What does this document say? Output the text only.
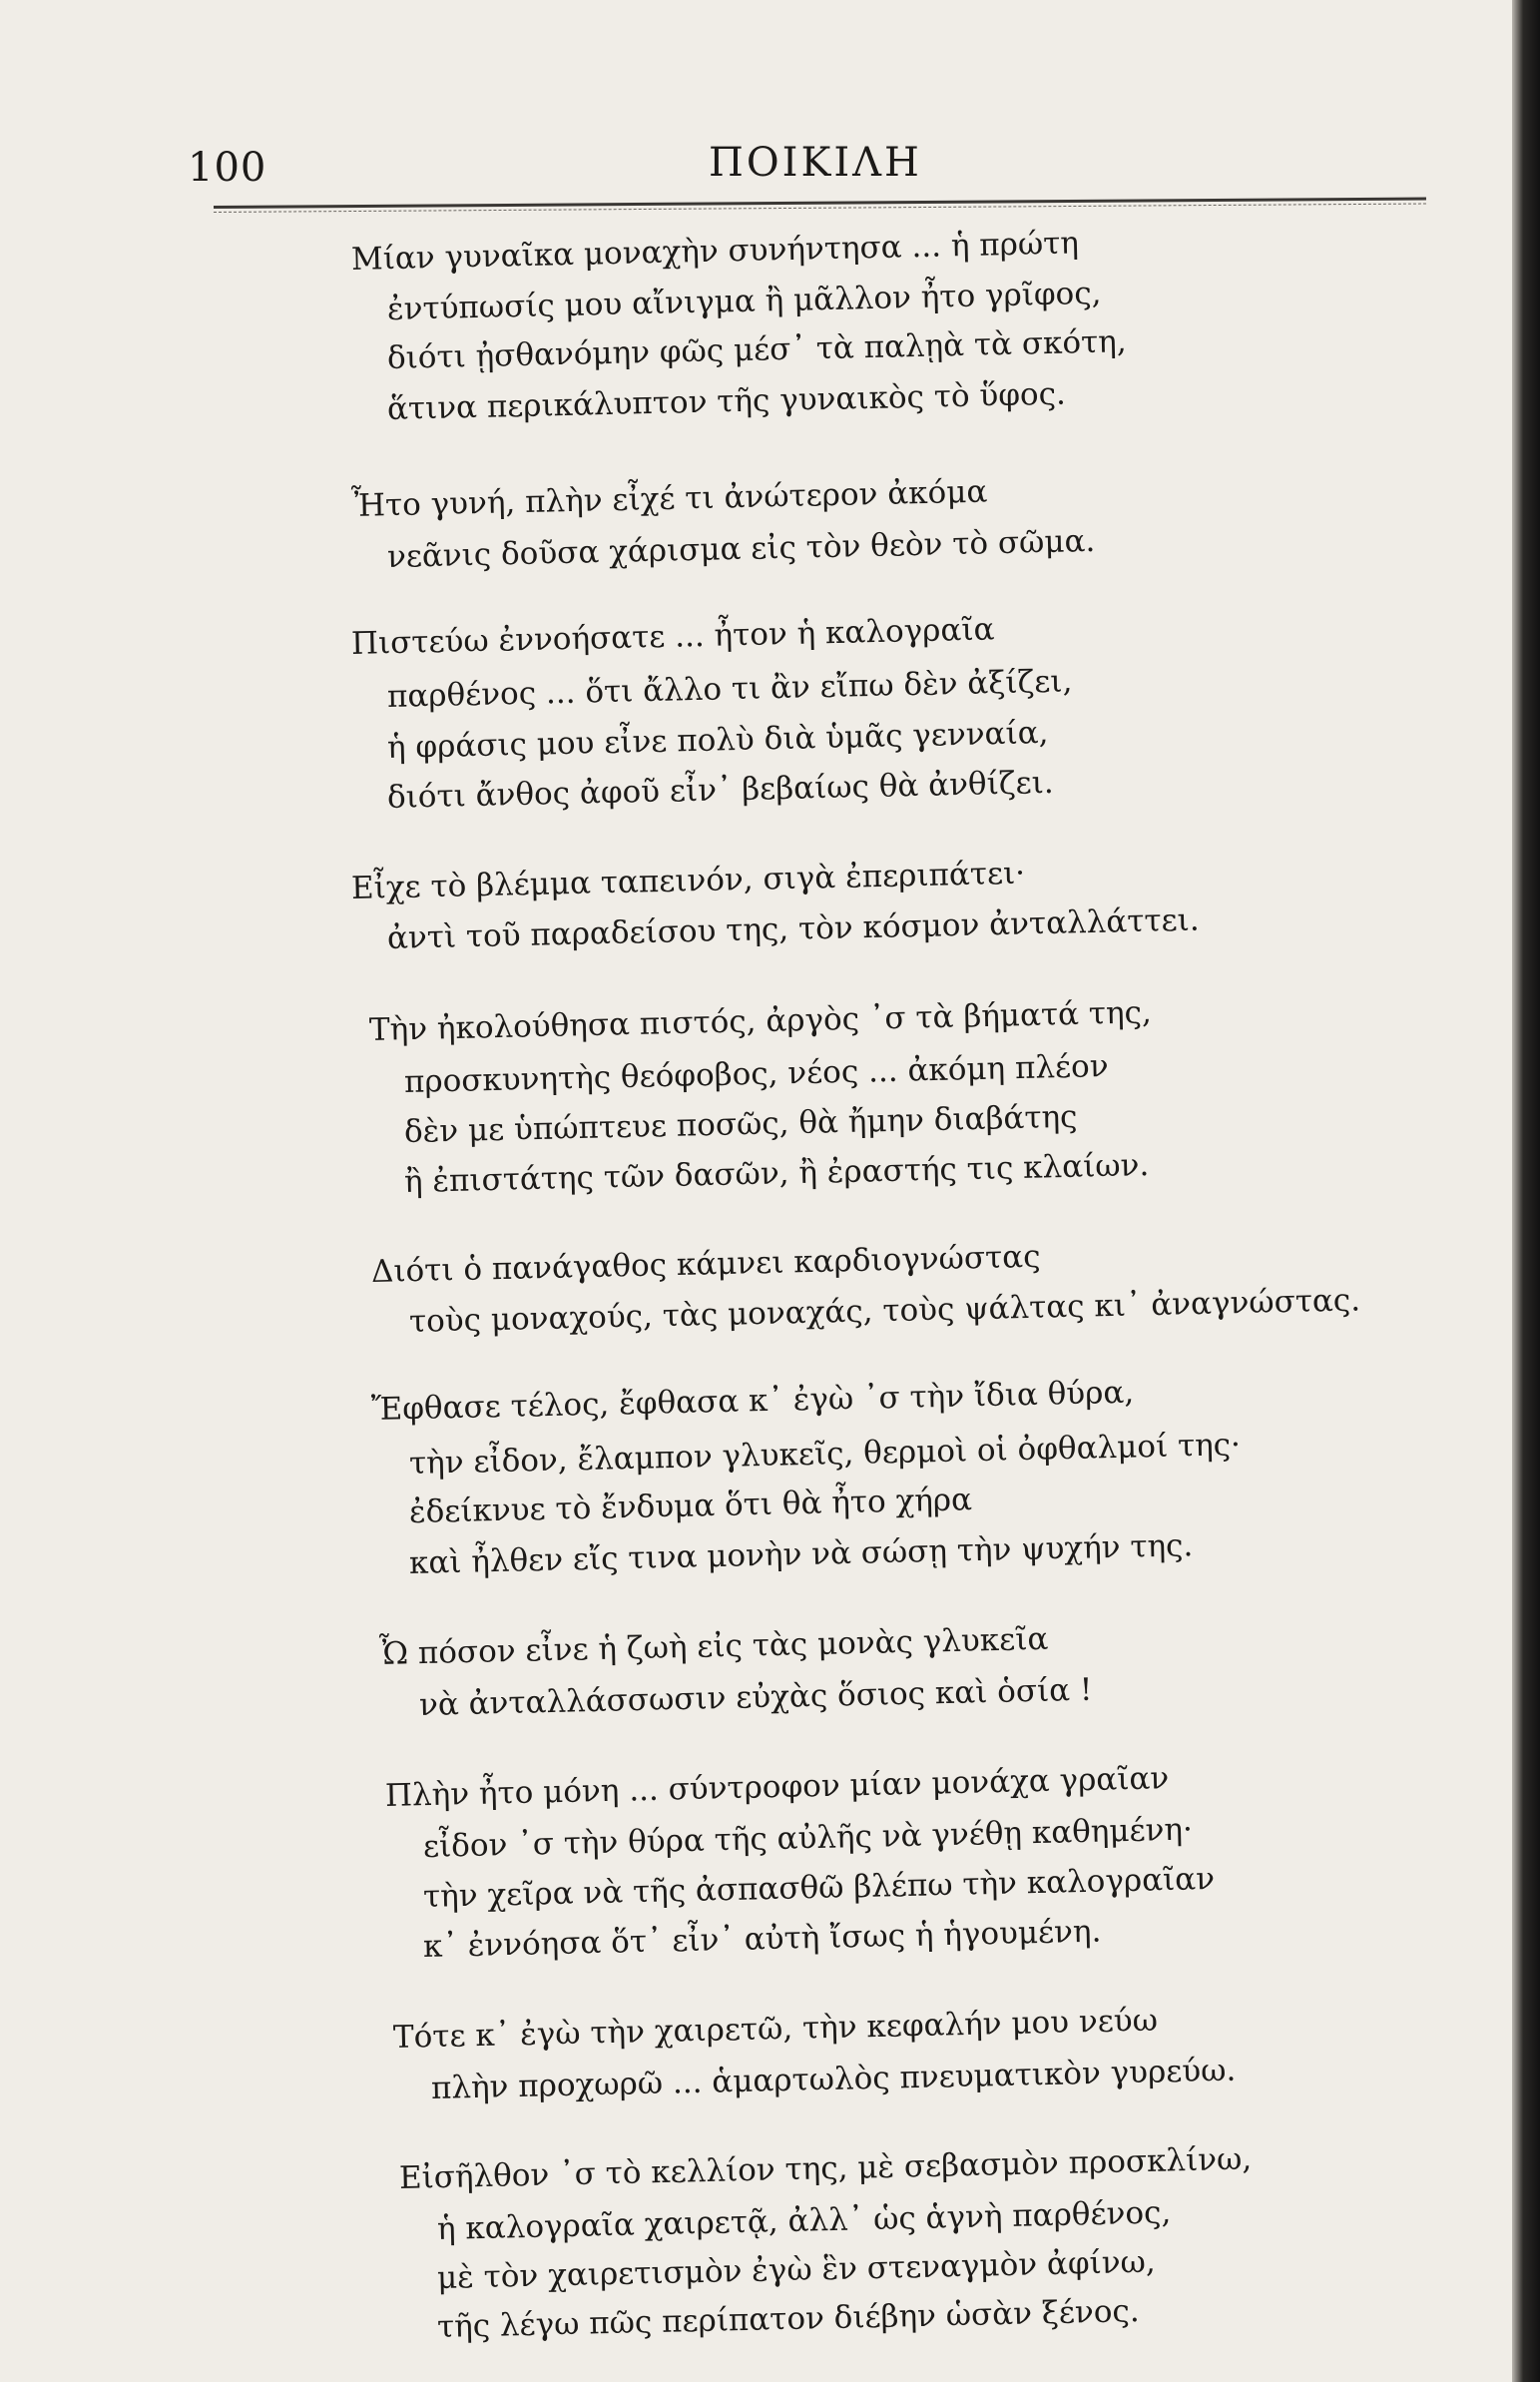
100	ΠΟΙΚΙΛΗ
Μίαν γυναῖκα μοναχὴν συνήντησα ... ἡ πρώτη
ἐντύπωσίς μου αἴνιγμα ἢ μᾶλλον ἦτο γρῖφος,
διότι ᾐσθανόμην φῶς μέσ᾽ τὰ παλῃὰ τὰ σκότη,
ἅτινα περικάλυπτον τῆς γυναικὸς τὸ ὕφος.
Ἦτο γυνή, πλὴν εἶχέ τι ἀνώτερον ἀκόμα
νεᾶνις δοῦσα χάρισμα εἰς τὸν θεὸν τὸ σῶμα.
Πιστεύω ἐννοήσατε ... ἦτον ἡ καλογραῖα
παρθένος ... ὅτι ἄλλο τι ἂν εἴπω δὲν ἀξίζει,
ἡ φράσις μου εἶνε πολὺ διὰ ὑμᾶς γενναία,
διότι ἄνθος ἀφοῦ εἶν᾽ βεβαίως θὰ ἀνθίζει.
Εἶχε τὸ βλέμμα ταπεινόν, σιγὰ ἐπεριπάτει·
ἀντὶ τοῦ παραδείσου της, τὸν κόσμον ἀνταλλάττει.
Τὴν ἠκολούθησα πιστός, ἀργὸς ᾽σ τὰ βήματά της,
προσκυνητὴς θεόφοβος, νέος ... ἀκόμη πλέον
δὲν με ὑπώπτευε ποσῶς, θὰ ἤμην διαβάτης
ἢ ἐπιστάτης τῶν δασῶν, ἢ ἐραστής τις κλαίων.
Διότι ὁ πανάγαθος κάμνει καρδιογνώστας
τοὺς μοναχούς, τὰς μοναχάς, τοὺς ψάλτας κι᾽ ἀναγνώστας.
Ἔφθασε τέλος, ἔφθασα κ᾽ ἐγὼ ᾽σ τὴν ἴδια θύρα,
τὴν εἶδον, ἔλαμπον γλυκεῖς, θερμοὶ οἱ ὀφθαλμοί της·
ἐδείκνυε τὸ ἔνδυμα ὅτι θὰ ἦτο χήρα
καὶ ἦλθεν εἴς τινα μονὴν νὰ σώσῃ τὴν ψυχήν της.
Ὦ πόσον εἶνε ἡ ζωὴ εἰς τὰς μονὰς γλυκεῖα
νὰ ἀνταλλάσσωσιν εὐχὰς ὅσιος καὶ ὁσία !
Πλὴν ἦτο μόνη ... σύντροφον μίαν μονάχα γραῖαν
εἶδον ᾽σ τὴν θύρα τῆς αὐλῆς νὰ γνέθῃ καθημένη·
τὴν χεῖρα νὰ τῆς ἀσπασθῶ βλέπω τὴν καλογραῖαν
κ᾽ ἐννόησα ὅτ᾽ εἶν᾽ αὐτὴ ἴσως ἡ ἡγουμένη.
Τότε κ᾽ ἐγὼ τὴν χαιρετῶ, τὴν κεφαλήν μου νεύω
πλὴν προχωρῶ ... ἁμαρτωλὸς πνευματικὸν γυρεύω.
Εἰσῆλθον ᾽σ τὸ κελλίον της, μὲ σεβασμὸν προσκλίνω,
ἡ καλογραῖα χαιρετᾷ, ἀλλ᾽ ὡς ἁγνὴ παρθένος,
μὲ τὸν χαιρετισμὸν ἐγὼ ἓν στεναγμὸν ἀφίνω,
τῆς λέγω πῶς περίπατον διέβην ὡσὰν ξένος.
